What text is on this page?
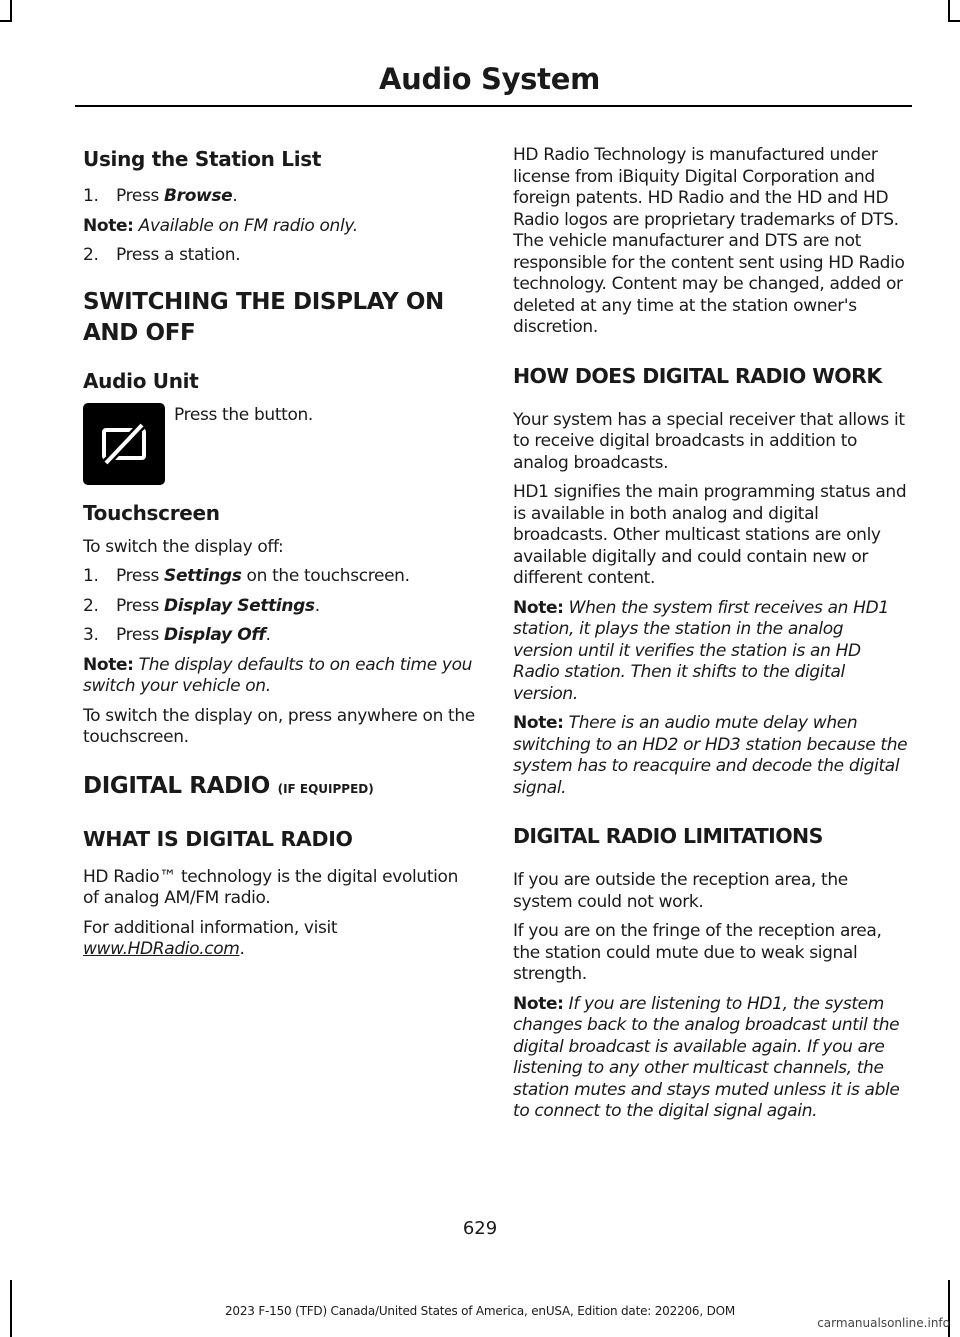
Audio System
Using the Station List
1.	Press Browse.

Note: Available on FM radio only.

2.	Press a station.
SWITCHING THE DISPLAY ON
AND OFF
Audio Unit
Press the button.
Touchscreen

To switch the display off:

1.	Press Settings on the touchscreen.
2.	Press Display Settings.
3.	Press Display Off.

Note: The display defaults to on each time you switch your vehicle on.

To switch the display on, press anywhere on the touchscreen.

DIGITAL RADIO (IF EQUIPPED)
WHAT IS DIGITAL RADIO

HD Radio™ technology is the digital evolution of analog AM/FM radio.

For additional information, visit www.HDRadio.com.

HD Radio Technology is manufactured under license from iBiquity Digital Corporation and foreign patents. HD Radio and the HD and HD Radio logos are proprietary trademarks of DTS. The vehicle manufacturer and DTS are not responsible for the content sent using HD Radio technology. Content may be changed, added or deleted at any time at the station owner's discretion.

HOW DOES DIGITAL RADIO WORK

Your system has a special receiver that allows it to receive digital broadcasts in addition to analog broadcasts.

HD1 signifies the main programming status and is available in both analog and digital broadcasts. Other multicast stations are only available digitally and could contain new or different content.

Note: When the system first receives an HD1 station, it plays the station in the analog version until it verifies the station is an HD Radio station. Then it shifts to the digital version.

Note: There is an audio mute delay when switching to an HD2 or HD3 station because the system has to reacquire and decode the digital signal.

DIGITAL RADIO LIMITATIONS

If you are outside the reception area, the system could not work.

If you are on the fringe of the reception area, the station could mute due to weak signal strength.

Note: If you are listening to HD1, the system changes back to the analog broadcast until the digital broadcast is available again. If you are listening to any other multicast channels, the station mutes and stays muted unless it is able to connect to the digital signal again.

629
2023 F-150 (TFD) Canada/United States of America, enUSA, Edition date: 202206, DOM
carmanualsonline.info
